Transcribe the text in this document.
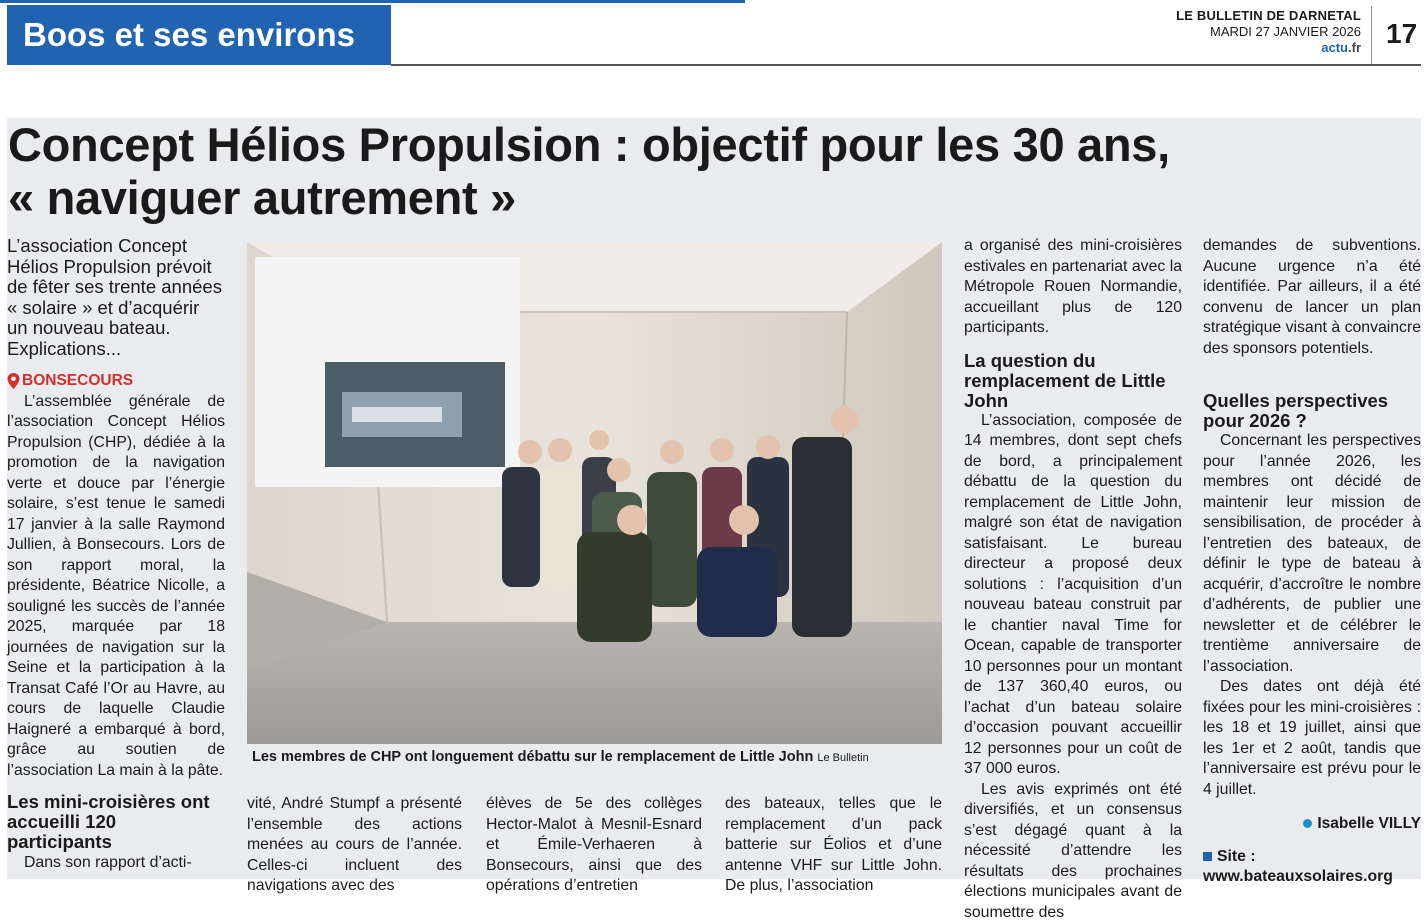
Boos et ses environs
LE BULLETIN DE DARNETAL
MARDI 27 JANVIER 2026
actu.fr 17
Concept Hélios Propulsion : objectif pour les 30 ans,
« naviguer autrement »

L’association Concept Hélios Propulsion prévoit de fêter ses trente années « solaire » et d’acquérir un nouveau bateau. Explications...

BONSECOURS

L’assemblée générale de l’association Concept Hélios Propulsion (CHP), dédiée à la promotion de la navigation verte et douce par l’énergie solaire, s’est tenue le samedi 17 janvier à la salle Raymond Jullien, à Bonsecours. Lors de son rapport moral, la présidente, Béatrice Nicolle, a souligné les succès de l’année 2025, marquée par 18 journées de navigation sur la Seine et la participation à la Transat Café l’Or au Havre, au cours de laquelle Claudie Haigneré a embarqué à bord, grâce au soutien de l’association La main à la pâte.

Les mini-croisières ont accueilli 120 participants

Dans son rapport d’acti-

Les membres de CHP ont longuement débattu sur le remplacement de Little John Le Bulletin

vité, André Stumpf a présenté l’ensemble des actions menées au cours de l’année. Celles-ci incluent des navigations avec des

élèves de 5e des collèges Hector-Malot à Mesnil-Esnard et Émile-Verhaeren à Bonsecours, ainsi que des opérations d’entretien

des bateaux, telles que le remplacement d’un pack batterie sur Éolios et d’une antenne VHF sur Little John. De plus, l’association

a organisé des mini-croisières estivales en partenariat avec la Métropole Rouen Normandie, accueillant plus de 120 participants.

La question du remplacement de Little John

L’association, composée de 14 membres, dont sept chefs de bord, a principalement débattu de la question du remplacement de Little John, malgré son état de navigation satisfaisant. Le bureau directeur a proposé deux solutions : l’acquisition d’un nouveau bateau construit par le chantier naval Time for Ocean, capable de transporter 10 personnes pour un montant de 137 360,40 euros, ou l’achat d’un bateau solaire d’occasion pouvant accueillir 12 personnes pour un coût de 37 000 euros.

Les avis exprimés ont été diversifiés, et un consensus s’est dégagé quant à la nécessité d’attendre les résultats des prochaines élections municipales avant de soumettre des

demandes de subventions. Aucune urgence n’a été identifiée. Par ailleurs, il a été convenu de lancer un plan stratégique visant à convaincre des sponsors potentiels.

Quelles perspectives pour 2026 ?

Concernant les perspectives pour l’année 2026, les membres ont décidé de maintenir leur mission de sensibilisation, de procéder à l’entretien des bateaux, de définir le type de bateau à acquérir, d’accroître le nombre d’adhérents, de publier une newsletter et de célébrer le trentième anniversaire de l’association.

Des dates ont déjà été fixées pour les mini-croisières : les 18 et 19 juillet, ainsi que les 1er et 2 août, tandis que l’anniversaire est prévu pour le 4 juillet.

Isabelle VILLY

Site : www.bateauxsolaires.org
